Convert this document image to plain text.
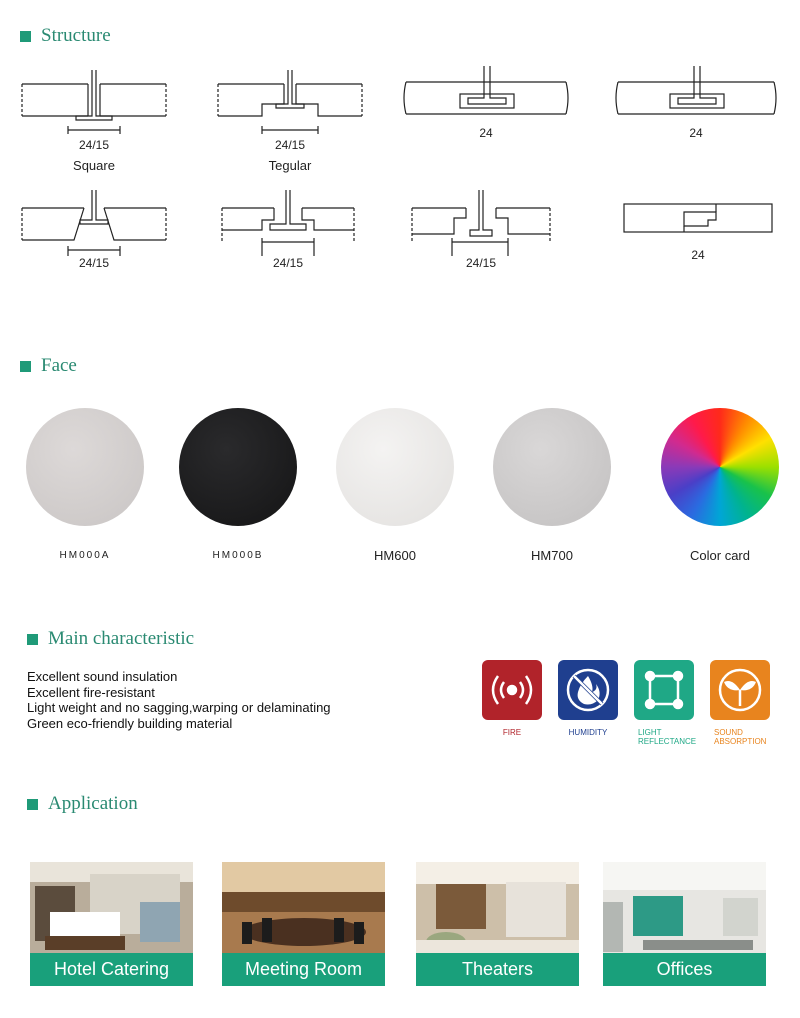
Structure
24/15
Square
24/15
Tegular
24	24
24/15	24/15	24/15
24
Face
HM000A	HM000B	HM600	HM700	Color card
Main characteristic
Excellent sound insulation
Excellent fire-resistant
Light weight and no sagging,warping or delaminating
Green eco-friendly building material
FIRE	HUMIDITY	LIGHT REFLECTANCE
SOUND ABSORPTION
Application
Hotel Catering	Meeting Room	Theaters	Offices
